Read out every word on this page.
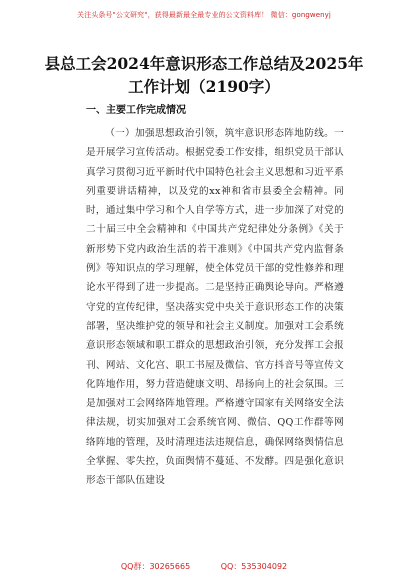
关注头条号"公文研究"，获得最新最全最专业的公文资料库！ 微信：gongwenyj
县总工会2024年意识形态工作总结及2025年工作计划（2190字）
一、主要工作完成情况

（一）加强思想政治引领，筑牢意识形态阵地防线。一是开展学习宣传活动。根据党委工作安排，组织党员干部认真学习贯彻习近平新时代中国特色社会主义思想和习近平系列重要讲话精神，以及党的xx神和省市县委全会精神。同时，通过集中学习和个人自学等方式，进一步加深了对党的二十届三中全会精神和《中国共产党纪律处分条例》《关于新形势下党内政治生活的若干准则》《中国共产党内监督条例》等知识点的学习理解，使全体党员干部的党性修养和理论水平得到了进一步提高。二是坚持正确舆论导向。严格遵守党的宣传纪律，坚决落实党中央关于意识形态工作的决策部署，坚决维护党的领导和社会主义制度。加强对工会系统意识形态领域和职工群众的思想政治引领，充分发挥工会报刊、网站、文化宫、职工书屋及微信、官方抖音号等宣传文化阵地作用，努力营造健康文明、昂扬向上的社会氛围。三是加强对工会网络阵地管理。严格遵守国家有关网络安全法律法规，切实加强对工会系统官网、微信、QQ工作群等网络阵地的管理，及时清理违法违规信息，确保网络舆情信息全掌握、零失控，负面舆情不蔓延、不发酵。四是强化意识形态干部队伍建设

QQ群：30265665	QQ：535304092
